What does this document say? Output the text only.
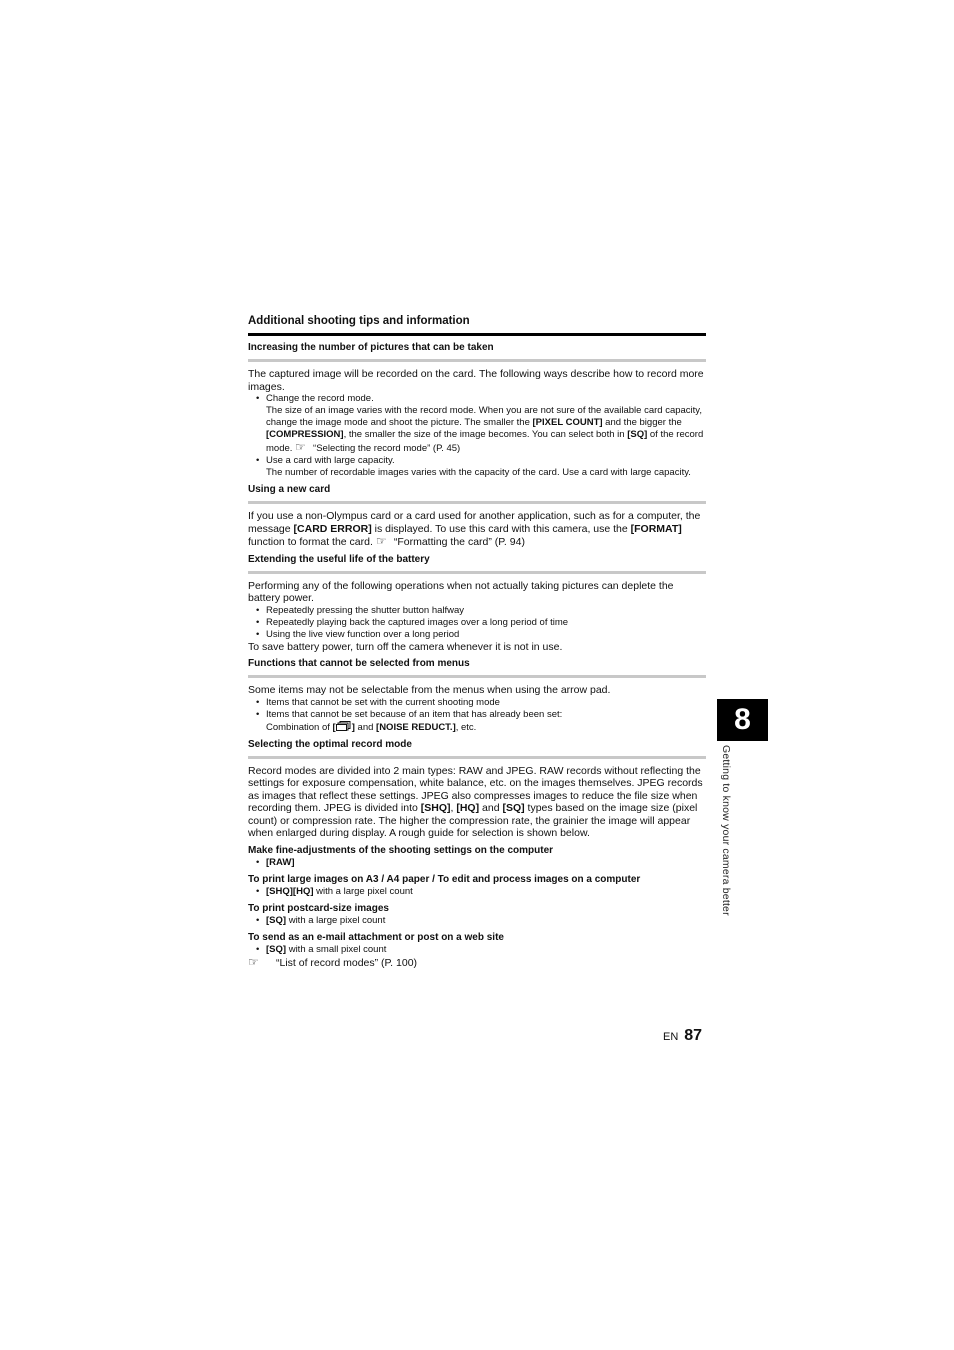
Additional shooting tips and information
Increasing the number of pictures that can be taken

The captured image will be recorded on the card. The following ways describe how to record more images.

• Change the record mode.

The size of an image varies with the record mode. When you are not sure of the available card capacity, change the image mode and shoot the picture. The smaller the [PIXEL COUNT] and the bigger the [COMPRESSION], the smaller the size of the image becomes. You can select both in [SQ] of the record mode. ☞ “Selecting the record mode” (P. 45)

• Use a card with large capacity.

The number of recordable images varies with the capacity of the card. Use a card with large capacity.

Using a new card

If you use a non-Olympus card or a card used for another application, such as for a computer, the message [CARD ERROR] is displayed. To use this card with this camera, use the [FORMAT] function to format the card. ☞ “Formatting the card” (P. 94)

Extending the useful life of the battery

Performing any of the following operations when not actually taking pictures can deplete the battery power.

• Repeatedly pressing the shutter button halfway

• Repeatedly playing back the captured images over a long period of time

• Using the live view function over a long period

To save battery power, turn off the camera whenever it is not in use.

Functions that cannot be selected from menus

Some items may not be selectable from the menus when using the arrow pad.

• Items that cannot be set with the current shooting mode

• Items that cannot be set because of an item that has already been set:

Combination of [ ] and [NOISE REDUCT.], etc.

Selecting the optimal record mode

Record modes are divided into 2 main types: RAW and JPEG. RAW records without reflecting the settings for exposure compensation, white balance, etc. on the images themselves. JPEG records as images that reflect these settings. JPEG also compresses images to reduce the file size when recording them. JPEG is divided into [SHQ], [HQ] and [SQ] types based on the image size (pixel count) or compression rate. The higher the compression rate, the grainier the image will appear when enlarged during display. A rough guide for selection is shown below.

Make fine-adjustments of the shooting settings on the computer

• [RAW]

To print large images on A3 / A4 paper / To edit and process images on a computer

• [SHQ][HQ] with a large pixel count

To print postcard-size images

• [SQ] with a large pixel count

To send as an e-mail attachment or post on a web site

• [SQ] with a small pixel count

☞ “List of record modes” (P. 100)

8
Getting to know your camera better
EN 87
